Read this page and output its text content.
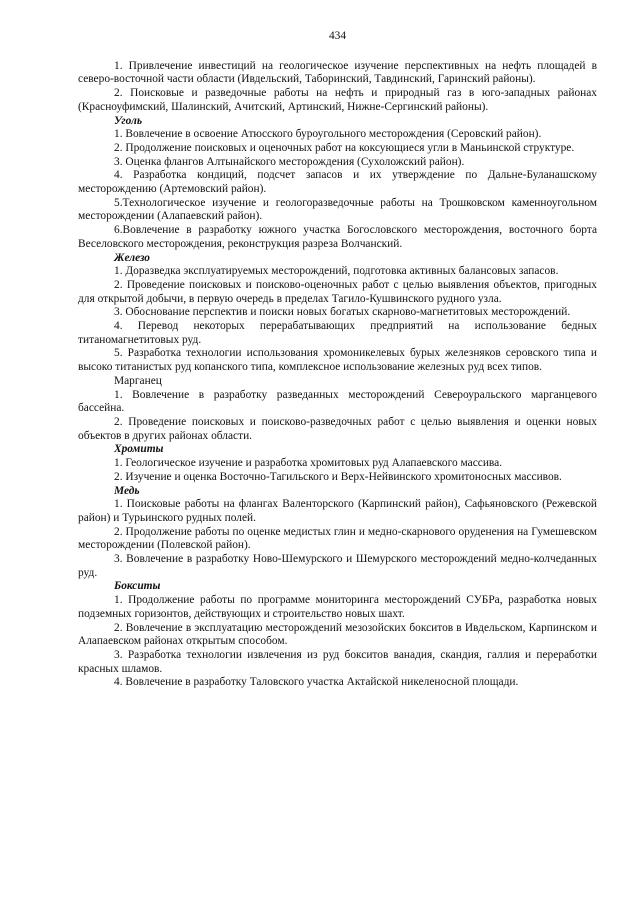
434

1. Привлечение инвестиций на геологическое изучение перспективных на нефть площадей в северо-восточной части области (Ивдельский, Таборинский, Тавдинский, Гаринский районы).

2. Поисковые и разведочные работы на нефть и природный газ в юго-западных районах (Красноуфимский, Шалинский, Ачитский, Артинский, Нижне-Сергинский районы).

Уголь

1. Вовлечение в освоение Атюсского буроугольного месторождения (Серовский район).

2. Продолжение поисковых и оценочных работ на коксующиеся угли в Маньинской структуре.

3. Оценка флангов Алтынайского месторождения (Сухоложский район).

4. Разработка кондиций, подсчет запасов и их утверждение по Дальне-Буланашскому месторождению (Артемовский район).

5.Технологическое изучение и геологоразведочные работы на Трошковском каменноугольном месторождении (Алапаевский район).

6.Вовлечение в разработку южного участка Богословского месторождения, восточного борта Веселовского месторождения, реконструкция разреза Волчанский.

Железо

1. Доразведка эксплуатируемых месторождений, подготовка активных балансовых запасов.

2. Проведение поисковых и поисково-оценочных работ с целью выявления объектов, пригодных для открытой добычи, в первую очередь в пределах Тагило-Кушвинского рудного узла.

3. Обоснование перспектив и поиски новых богатых скарново-магнетитовых месторождений.

4. Перевод некоторых перерабатывающих предприятий на использование бедных титаномагнетитовых руд.

5. Разработка технологии использования хромоникелевых бурых железняков серовского типа и высоко титанистых руд копанского типа, комплексное использование железных руд всех типов.

Марганец

1. Вовлечение в разработку разведанных месторождений Североуральского марганцевого бассейна.

2. Проведение поисковых и поисково-разведочных работ с целью выявления и оценки новых объектов в других районах области.

Хромиты

1. Геологическое изучение и разработка хромитовых руд Алапаевского массива.

2. Изучение и оценка Восточно-Тагильского и Верх-Нейвинского хромитоносных массивов.

Медь

1. Поисковые работы на флангах Валенторского (Карпинский район), Сафьяновского (Режевской район) и Турьинского рудных полей.

2. Продолжение работы по оценке медистых глин и медно-скарнового оруденения на Гумешевском месторождении (Полевской район).

3. Вовлечение в разработку Ново-Шемурского и Шемурского месторождений медно-колчеданных руд.

Бокситы

1. Продолжение работы по программе мониторинга месторождений СУБРа, разработка новых подземных горизонтов, действующих и строительство новых шахт.

2. Вовлечение в эксплуатацию месторождений мезозойских бокситов в Ивдельском, Карпинском и Алапаевском районах открытым способом.

3. Разработка технологии извлечения из руд бокситов ванадия, скандия, галлия и переработки красных шламов.

4. Вовлечение в разработку Таловского участка Актайской никеленосной площади.
